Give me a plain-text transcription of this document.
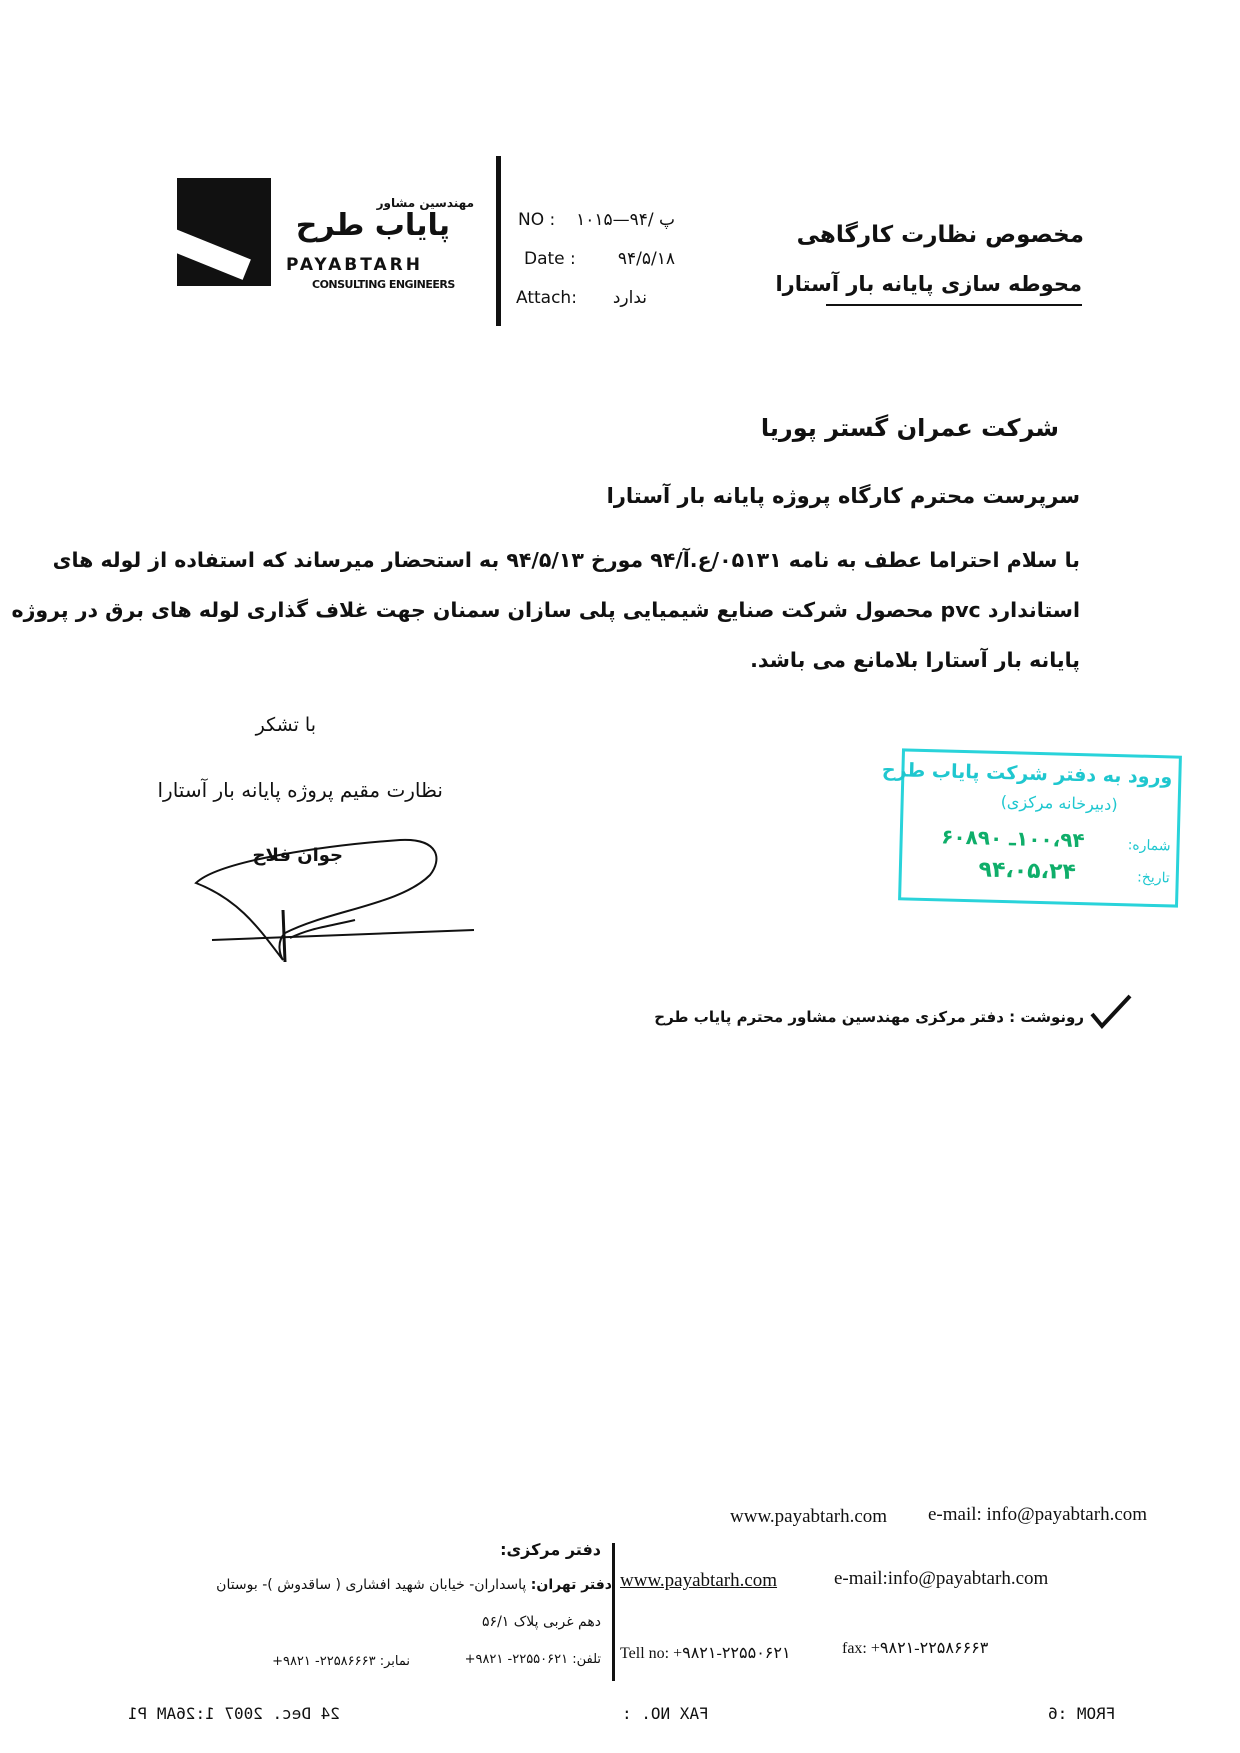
مهندسین مشاور
پایاب طرح
PAYABTARH
CONSULTING ENGINEERS
NO : پ /۹۴—۱۰۱۵
Date : ۹۴/۵/۱۸
Attach: ندارد
مخصوص نظارت کارگاهی
محوطه سازی پایانه بار آستارا
شرکت عمران گستر پوریا
سرپرست محترم کارگاه پروژه پایانه بار آستارا
با سلام احتراما عطف به نامه ۰۵۱۳۱/ع.آ/۹۴ مورخ ۹۴/۵/۱۳ به استحضار میرساند که استفاده از لوله های
استاندارد pvc محصول شرکت صنایع شیمیایی پلی سازان سمنان جهت غلاف گذاری لوله های برق در پروژه
پایانه بار آستارا بلامانع می باشد.
با تشکر
نظارت مقیم پروژه پایانه بار آستارا
جوان فلاح
ورود به دفتر شرکت پایاب طرح
(دبیرخانه مرکزی)
شماره:
۱۰۰،۹۴ـ ۶۰۸۹۰
تاریخ:
۹۴،۰۵،۲۴
رونوشت : دفتر مرکزی مهندسین مشاور محترم پایاب طرح
www.payabtarh.com e-mail: info@payabtarh.com
دفتر مرکزی:
دفتر تهران: پاسداران- خیابان شهید افشاری ( ساقدوش )- بوستان
دهم غربی پلاک ۵۶/۱
تلفن: ۲۲۵۵۰۶۲۱- ۹۸۲۱+
نمابر: ۲۲۵۸۶۶۶۳- ۹۸۲۱+
www.payabtarh.com	e-mail:info@payabtarh.com
Tell no: +۹۸۲۱-۲۲۵۵۰۶۲۱	fax: +۹۸۲۱-۲۲۵۸۶۶۶۳
FROM :6
FAX NO. :
24 Dec. 2007 1:26AM P1
